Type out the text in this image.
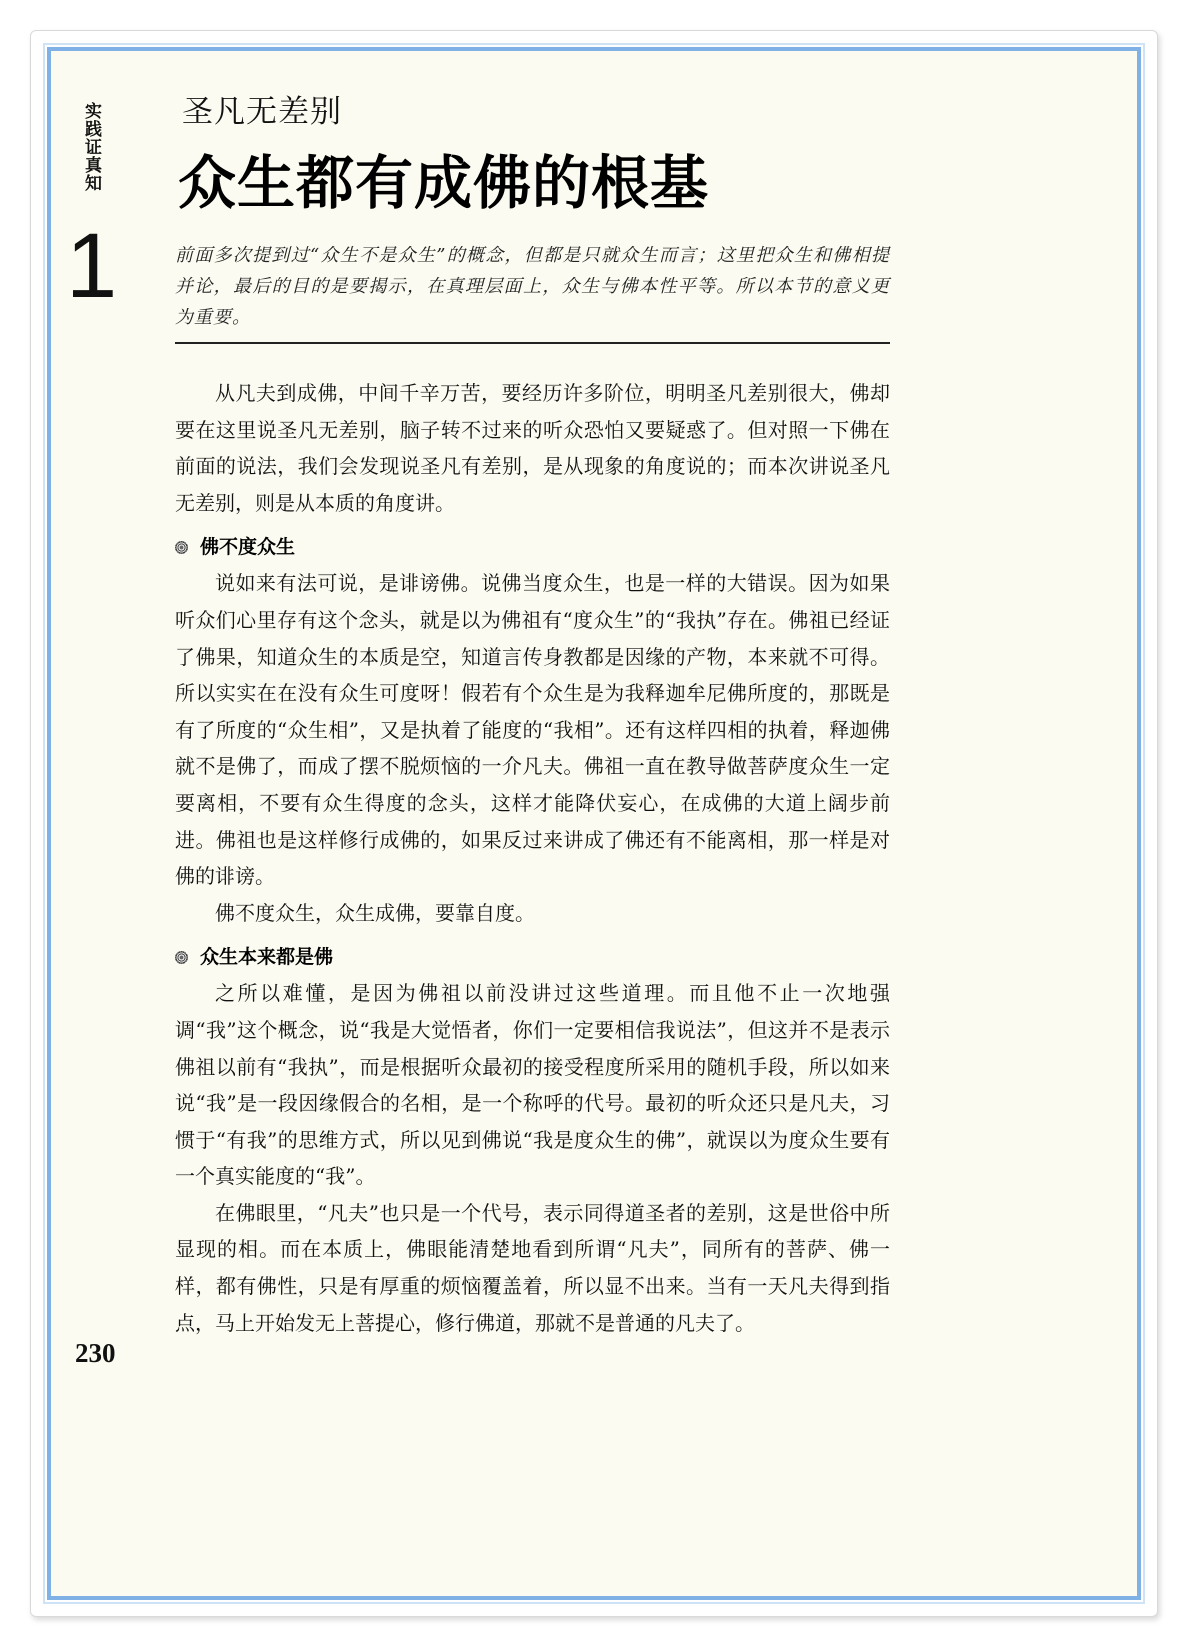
实践证真知
1
圣凡无差别
众生都有成佛的根基
前面多次提到过“众生不是众生”的概念，但都是只就众生而言；这里把众生和佛相提并论，最后的目的是要揭示，在真理层面上，众生与佛本性平等。所以本节的意义更为重要。

从凡夫到成佛，中间千辛万苦，要经历许多阶位，明明圣凡差别很大，佛却要在这里说圣凡无差别，脑子转不过来的听众恐怕又要疑惑了。但对照一下佛在前面的说法，我们会发现说圣凡有差别，是从现象的角度说的；而本次讲说圣凡无差别，则是从本质的角度讲。

佛不度众生

说如来有法可说，是诽谤佛。说佛当度众生，也是一样的大错误。因为如果听众们心里存有这个念头，就是以为佛祖有“度众生”的“我执”存在。佛祖已经证了佛果，知道众生的本质是空，知道言传身教都是因缘的产物，本来就不可得。所以实实在在没有众生可度呀！假若有个众生是为我释迦牟尼佛所度的，那既是有了所度的“众生相”，又是执着了能度的“我相”。还有这样四相的执着，释迦佛就不是佛了，而成了摆不脱烦恼的一介凡夫。佛祖一直在教导做菩萨度众生一定要离相，不要有众生得度的念头，这样才能降伏妄心，在成佛的大道上阔步前进。佛祖也是这样修行成佛的，如果反过来讲成了佛还有不能离相，那一样是对佛的诽谤。

佛不度众生，众生成佛，要靠自度。

众生本来都是佛

之所以难懂，是因为佛祖以前没讲过这些道理。而且他不止一次地强调“我”这个概念，说“我是大觉悟者，你们一定要相信我说法”，但这并不是表示佛祖以前有“我执”，而是根据听众最初的接受程度所采用的随机手段，所以如来说“我”是一段因缘假合的名相，是一个称呼的代号。最初的听众还只是凡夫，习惯于“有我”的思维方式，所以见到佛说“我是度众生的佛”，就误以为度众生要有一个真实能度的“我”。

在佛眼里，“凡夫”也只是一个代号，表示同得道圣者的差别，这是世俗中所显现的相。而在本质上，佛眼能清楚地看到所谓“凡夫”，同所有的菩萨、佛一样，都有佛性，只是有厚重的烦恼覆盖着，所以显不出来。当有一天凡夫得到指点，马上开始发无上菩提心，修行佛道，那就不是普通的凡夫了。

230
